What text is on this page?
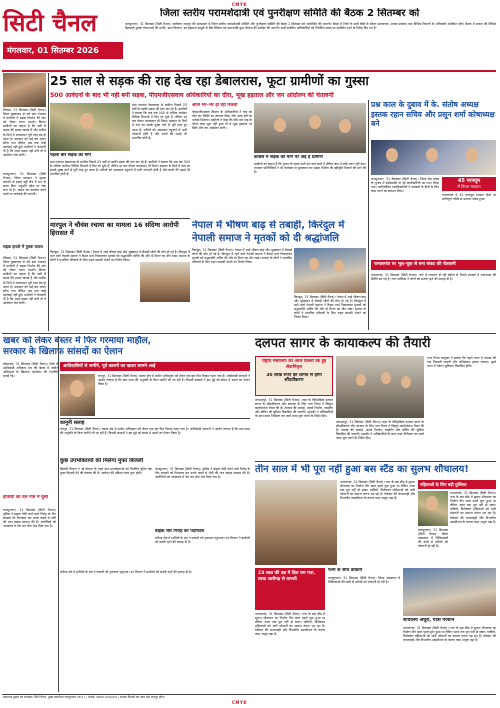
CMYK
CMYK
सिटी चैनल
मंगलवार, 01 सितम्बर 2026
जिला स्तरीय परामर्शदात्री एवं पुनरीक्षण समिति की बैठक 2 सितम्बर को
जशपुरनगर, 31 सितम्बर (सिटी चैनल)। कलेक्टर जशपुर की अध्यक्षता में जिला स्तरीय परामर्शदात्री समिति और पुनरीक्षण समिति की बैठक 2 सितम्बर को आयोजित की जाएगी। बैठक में जिले के सभी बैंकों के जिला समन्वयक, शाखा प्रबंधक तथा विभिन्न विभागों के अधिकारी उपस्थित रहेंगे। बैठक में शासन की विभिन्न हितग्राही मूलक योजनाओं की प्रगति, ऋण वितरण, स्व सहायता समूहों के बैंक लिंकेज एवं प्रधानमंत्री मुद्रा योजना की समीक्षा की जाएगी। सभी संबंधित अधिकारियों को निर्धारित समय पर उपस्थित रहने के निर्देश दिए गए हैं।
रविवार, 31 सितम्बर (सिटी चैनल)। जिला मुख्यालय से लगे ग्राम पंचायत में ग्रामीणों ने सड़क निर्माण की मांग को लेकर धरना प्रदर्शन किया। ग्रामीणों का कहना है कि वर्षों से सड़क की हालत खराब है और बारिश के दिनों में आवागमन पूरी तरह बंद हो जाता है। प्रशासन को कई बार ज्ञापन सौंपा गया लेकिन अब तक कोई कार्रवाई नहीं हुई। ग्रामीणों ने चेतावनी दी है कि जल्द सड़क नहीं बनी तो वे आंदोलन तेज करेंगे।
जशपुरनगर, 31 सितम्बर (सिटी चैनल)। जिला प्रशासन ने सुरक्षा कारणों से हवाई पट्टी क्षेत्र में रात के समय बिना अनुमति प्रवेश पर रोक लगा दी है। आदेश का उल्लंघन करने वालों पर कार्रवाई की जाएगी।
सड़क हादसे में युवक घायल
रविवार, 31 सितम्बर (सिटी चैनल)। जिला मुख्यालय से लगे ग्राम पंचायत में ग्रामीणों ने सड़क निर्माण की मांग को लेकर धरना प्रदर्शन किया। ग्रामीणों का कहना है कि वर्षों से सड़क की हालत खराब है और बारिश के दिनों में आवागमन पूरी तरह बंद हो जाता है। प्रशासन को कई बार ज्ञापन सौंपा गया लेकिन अब तक कोई कार्रवाई नहीं हुई। ग्रामीणों ने चेतावनी दी है कि जल्द सड़क नहीं बनी तो वे आंदोलन तेज करेंगे।
25 साल से सड़क की राह देख रहा डेबालरास, फूटा ग्रामीणों का गुस्सा
500 आवेदनों के बाद भी नहीं बनी सड़क, पीएमजीएसवाय अधिकारियों का दौरा, भूख हड़ताल और जन आंदोलन की चेतावनी
ग्राम पंचायत डेबालरास के ग्रामीण पिछले 25 वर्षों से पक्की सड़क की मांग कर रहे हैं। ग्रामीणों ने बताया कि अब तक 500 से अधिक आवेदन विभिन्न विभागों में दिए जा चुके हैं, लेकिन हर बार केवल आश्वासन ही मिला। बरसात के दिनों में गांव का संपर्क मुख्य मार्ग से पूरी तरह टूट जाता है। मरीजों को अस्पताल पहुंचाने में भारी परेशानी होती है और बच्चों की पढ़ाई भी प्रभावित होती है।
पहली बार सड़क की मांग
ग्राम पंचायत डेबालरास के ग्रामीण पिछले 25 वर्षों से पक्की सड़क की मांग कर रहे हैं। ग्रामीणों ने बताया कि अब तक 500 से अधिक आवेदन विभिन्न विभागों में दिए जा चुके हैं, लेकिन हर बार केवल आश्वासन ही मिला। बरसात के दिनों में गांव का संपर्क मुख्य मार्ग से पूरी तरह टूट जाता है। मरीजों को अस्पताल पहुंचाने में भारी परेशानी होती है और बच्चों की पढ़ाई भी प्रभावित होती है।
आज भर–भर हो रही रिकवी
पीएमजीएसवाय विभाग के अधिकारियों ने गांव का दौरा कर स्थिति का जायजा लिया और जल्द सर्वे का भरोसा दिलाया। ग्रामीणों ने कहा कि यदि एक माह के भीतर काम शुरू नहीं हुआ तो वे भूख हड़ताल पर बैठेंगे और जन आंदोलन करेंगे।
कांग्रेस में सड़क की मांग पर अड़े हैं ग्रामीण
ग्रामीणों का कहना है कि चुनाव के समय सभी दल वादे करते हैं लेकिन बाद में कोई ध्यान नहीं देता। पंचायत प्रतिनिधियों ने भी कलेक्टर से मुलाकात कर सड़क निर्माण की स्वीकृति दिलाने की मांग की है।
प्रश्न काल के दुबाव में के. संतोष अध्यक्ष इस्तक रहान सचिव और प्रसून शर्मा कोषाध्यक्ष बने
जशपुरनगर, 31 सितम्बर (सिटी चैनल)। जिला प्रेस क्लब के चुनाव में सर्वसम्मति से नई कार्यकारिणी का गठन किया गया। नवनिर्वाचित पदाधिकारियों ने पत्रकारों के हितों के लिए काम करने का संकल्प लिया।
45 परफ्यूम
में निगल मतदान
पत्थलगांव में 45 परफ्यूम मतदान केंद्रों पर शांतिपूर्ण तरीके से मतदान संपन्न हुआ।
मारपुल ने चौवंश रचाया का मामला 16 संदिग्ध आरोपी हिरासत में
किरंदुल, 31 सितम्बर (सिटी चैनल)। नेपाल में आई भीषण बाढ़ और भूस्खलन में सैकड़ों लोगों की मौत हो गई है। किरंदुल में रहने वाले नेपाली समाज ने कैंडल मार्च निकालकर मृतकों को श्रद्धांजलि अर्पित की और दो मिनट का मौन रखा। समाज के लोगों ने प्रभावित परिवारों के लिए राहत सामग्री भेजने का निर्णय लिया।
नेपाल में भीषण बाढ़ से तबाही, किरंदुल में नेपाली समाज ने मृतकों को दी श्रद्धांजलि
किरंदुल, 31 सितम्बर (सिटी चैनल)। नेपाल में आई भीषण बाढ़ और भूस्खलन में सैकड़ों लोगों की मौत हो गई है। किरंदुल में रहने वाले नेपाली समाज ने कैंडल मार्च निकालकर मृतकों को श्रद्धांजलि अर्पित की और दो मिनट का मौन रखा। समाज के लोगों ने प्रभावित परिवारों के लिए राहत सामग्री भेजने का निर्णय लिया।
किरंदुल, 31 सितम्बर (सिटी चैनल)। नेपाल में आई भीषण बाढ़ और भूस्खलन में सैकड़ों लोगों की मौत हो गई है। किरंदुल में रहने वाले नेपाली समाज ने कैंडल मार्च निकालकर मृतकों को श्रद्धांजलि अर्पित की और दो मिनट का मौन रखा। समाज के लोगों ने प्रभावित परिवारों के लिए राहत सामग्री भेजने का निर्णय लिया।
पत्थलगांव पर भूल–चूक से बना संकट की चेतावनी
पत्थलगांव, 31 सितम्बर (सिटी चैनल)। नगर में लगातार हो रही बारिश से निचले इलाकों में जलभराव की स्थिति बन गई है। नगर पालिका ने लोगों को सतर्क रहने की सलाह दी है।
खबर को लेकर बस्तर में फिर गरमाया माहौल, सरकार के खिलाफ सांसदों का ऐलान
कोंडागांव, 31 सितम्बर (सिटी चैनल)। जिले में आदिवासी अधिकार मंच की बैठक में जमीन अधिग्रहण के खिलाफ आंदोलन की रणनीति बनाई गई।
आदिवासियों से जमीनें, पूर्व कलमों का खतरा सामने आई
रायपुर, 31 सितम्बर (सिटी चैनल)। बस्तर क्षेत्र में जमीन अधिग्रहण को लेकर एक बार फिर विवाद गहरा गया है। आदिवासी संगठनों ने आरोप लगाया है कि ग्राम सभा की अनुमति के बिना जमीनें ली जा रही हैं। विपक्षी सांसदों ने इस मुद्दे को संसद में उठाने का ऐलान किया है।
कानूनी सलाह
रायपुर, 31 सितम्बर (सिटी चैनल)। बस्तर क्षेत्र में जमीन अधिग्रहण को लेकर एक बार फिर विवाद गहरा गया है। आदिवासी संगठनों ने आरोप लगाया है कि ग्राम सभा की अनुमति के बिना जमीनें ली जा रही हैं। विपक्षी सांसदों ने इस मुद्दे को संसद में उठाने का ऐलान किया है।
कुछ उपभोक्तायों को मिलेगा मुफ्त बिजली
बिजली विभाग ने नई योजना के तहत पात्र उपभोक्ताओं को निर्धारित यूनिट तक मुफ्त बिजली देने की घोषणा की है। आवेदन की प्रक्रिया जल्द शुरू होगी।
जशपुरनगर, 31 सितम्बर (सिटी चैनल)। पुलिस ने बाइक चोरी करने वाले गिरोह के तीन सदस्यों को गिरफ्तार कर उनके कब्जे से चोरी की पांच बाइक बरामद की हैं। आरोपियों को न्यायालय में पेश कर जेल भेज दिया गया है।
बाइक चोर गिरोह का पर्दाफाश
बगीचा क्षेत्र में हाथियों के दल ने फसलों को नुकसान पहुंचाया। वन विभाग ने ग्रामीणों को सतर्क रहने की सलाह दी है।
हाथियों का दल गांव में घुसा
जशपुरनगर, 31 सितम्बर (सिटी चैनल)। पुलिस ने बाइक चोरी करने वाले गिरोह के तीन सदस्यों को गिरफ्तार कर उनके कब्जे से चोरी की पांच बाइक बरामद की हैं। आरोपियों को न्यायालय में पेश कर जेल भेज दिया गया है।
बगीचा क्षेत्र में हाथियों के दल ने फसलों को नुकसान पहुंचाया। वन विभाग ने ग्रामीणों को सतर्क रहने की सलाह दी है।
दलपत सागर के कायाकल्प की तैयारी
राष्ट्रीय मेंबरशिप को आज दिल्ली कि हुई सेवानिवृत्त
30 लाख रुपए की लागत से होगा सौंदर्यीकरण
जगदलपुर, 31 सितम्बर (सिटी चैनल)। शहर के ऐतिहासिक दलपत सागर के सौंदर्यीकरण और संरक्षण के लिए नगर निगम ने विस्तृत कार्ययोजना तैयार की है। तालाब की सफाई, पाथवे निर्माण, लाइटिंग और बोटिंग की सुविधा विकसित की जाएगी। महापौर ने अधिकारियों के साथ स्थल निरीक्षण कर कार्य जल्द शुरू करने के निर्देश दिए।
जगदलपुर, 31 सितम्बर (सिटी चैनल)। शहर के ऐतिहासिक दलपत सागर के सौंदर्यीकरण और संरक्षण के लिए नगर निगम ने विस्तृत कार्ययोजना तैयार की है। तालाब की सफाई, पाथवे निर्माण, लाइटिंग और बोटिंग की सुविधा विकसित की जाएगी। महापौर ने अधिकारियों के साथ स्थल निरीक्षण कर कार्य जल्द शुरू करने के निर्देश दिए।
नगर निगम आयुक्त ने बताया कि पहले चरण में तालाब की गाद निकाली जाएगी और अतिक्रमण हटाया जाएगा। दूसरे चरण में पर्यटन सुविधाएं विकसित होंगी।
तीन साल में भी पूरा नहीं हुआ बस स्टैंड का सुलभ शौचालय!
पत्थलगांव, 31 सितम्बर (सिटी चैनल)। नगर के बस स्टैंड में सुलभ शौचालय का निर्माण तीन साल पहले शुरू हुआ था लेकिन आज तक पूरा नहीं हो सका। यात्रियों, विशेषकर महिलाओं को भारी परेशानी का सामना करना पड़ रहा है। ठेकेदार की लापरवाही और विभागीय उदासीनता के कारण काम अधूरा पड़ा है।
महिलाओं के लिए बड़ी मुश्किल
पत्थलगांव, 31 सितम्बर (सिटी चैनल)। नगर के बस स्टैंड में सुलभ शौचालय का निर्माण तीन साल पहले शुरू हुआ था लेकिन आज तक पूरा नहीं हो सका। यात्रियों, विशेषकर महिलाओं को भारी परेशानी का सामना करना पड़ रहा है। ठेकेदार की लापरवाही और विभागीय उदासीनता के कारण काम अधूरा पड़ा है।
जशपुरनगर, 31 सितम्बर (सिटी चैनल)। जिला अस्पताल में चिकित्सकों की कमी से मरीजों को परेशानी हो रही है।
23 साल की उम्र में दिल थम गया, लाख अलीगढ़ से वापसी
पत्थलगांव, 31 सितम्बर (सिटी चैनल)। नगर के बस स्टैंड में सुलभ शौचालय का निर्माण तीन साल पहले शुरू हुआ था लेकिन आज तक पूरा नहीं हो सका। यात्रियों, विशेषकर महिलाओं को भारी परेशानी का सामना करना पड़ रहा है। ठेकेदार की लापरवाही और विभागीय उदासीनता के कारण काम अधूरा पड़ा है।
पत्नी के साथ डॉक्टरी
जशपुरनगर, 31 सितम्बर (सिटी चैनल)। जिला अस्पताल में चिकित्सकों की कमी से मरीजों को परेशानी हो रही है।
शौचालय अधूरा, यात्री परेशान
पत्थलगांव, 31 सितम्बर (सिटी चैनल)। नगर के बस स्टैंड में सुलभ शौचालय का निर्माण तीन साल पहले शुरू हुआ था लेकिन आज तक पूरा नहीं हो सका। यात्रियों, विशेषकर महिलाओं को भारी परेशानी का सामना करना पड़ रहा है। ठेकेदार की लापरवाही और विभागीय उदासीनता के कारण काम अधूरा पड़ा है।
प्रकाशक मुद्रक एवं संपादक: सिटी चैनल, मुख्य कार्यालय जशपुरनगर (छ.ग.) | संपर्क: 9893 XXXXXX | समस्त विवादों का न्याय क्षेत्र जशपुर होगा।
